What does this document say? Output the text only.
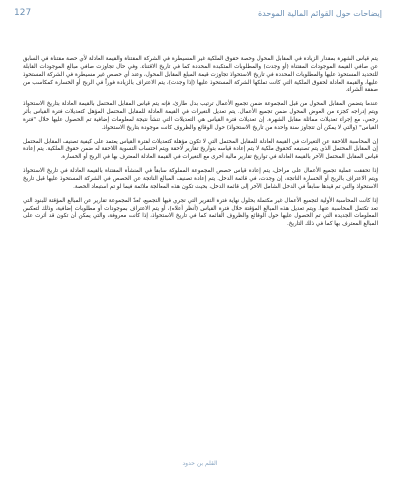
127	إيضاحات حول القوائم المالية الموحدة

يتم قياس الشهرة بمقدار الزيادة في المقابل المحول وحصة حقوق الملكية غير المسيطرة في الشركة المقتناة والقيمة العادلة لأي حصة مقتناة في السابق عن صافي القيمة الموجودات المقتناة (أو وجدت) والمطلوبات المتكبدة المحددة كما في تاريخ الاقتناء. وفي حال تجاوزت صافي مبالغ الموجودات القابلة للتحديد المستحوذ عليها والمطلوبات المحددة في تاريخ الاستحواذ تجاوزت قيمة المبلغ المقابل المحول، وعند أي حصص غير مسيطرة في الشركة المستحوذ عليها، والقيمة العادلة لحقوق الملكية التي كانت تملكها الشركة المستحوذ عليها (إذا وجدت)، يتم الاعتراف بالزيادة فوراً في الربح أو الخسارة كمكاسب من صفقة الشراء.

عندما يتضمن المقابل المحول من قبل المجموعة ضمن تجميع الأعمال ترتيب بدل طارئ، فإنه يتم قياس المقابل المحتمل بالقيمة العادلة بتاريخ الاستحواذ ويتم إدراجه كجزء من العوض المحول ضمن تجميع الأعمال. يتم تعديل التغيرات في القيمة العادلة للمقابل المحتمل المؤهل كتعديلات فترة القياس بأثر رجعي، مع إجراء تعديلات مماثلة مقابل الشهرة. إن تعديلات فترة القياس هي التعديلات التي تنشأ نتيجة لمعلومات إضافية تم الحصول عليها خلال "فترة القياس" (والتي لا يمكن أن تتجاوز سنة واحدة من تاريخ الاستحواذ) حول الوقائع والظروف كانت موجودة بتاريخ الاستحواذ.

إن المحاسبة اللاحقة عن التغيرات في القيمة العادلة للمقابل المحتمل التي لا تكون مؤهلة كتعديلات لفترة القياس يعتمد على كيفية تصنيف المقابل المحتمل إن المقابل المحتمل الذي يتم تصنيفه كحقوق ملكية لا يتم إعادة قياسه بتواريخ تقارير لاحقة ويتم احتساب التسوية اللاحقة له ضمن حقوق الملكية. يتم إعادة قياس المقابل المحتمل الآخر بالقيمة العادلة في تواريخ تقارير مالية أخرى مع التغيرات في القيمة العادلة المعترف بها في الربح أو الخسارة.

إذا تحققت عملية تجميع الأعمال على مراحل، يتم إعادة قياس حصص المجموعة المملوكة سابقاً في المنشأة المقتناة بالقيمة العادلة في تاريخ الاستحواذ ويتم الاعتراف بالربح أو الخسارة الناتجة، إن وجدت، في قائمة الدخل. يتم إعادة تصنيف المبالغ الناتجة عن الحصص في الشركة المستحوذ عليها قبل تاريخ الاستحواذ والتي تم قيدها سابقاً في الدخل الشامل الآخر إلى قائمة الدخل، بحيث تكون هذه المعالجة ملائمة فيما لو تم استبعاد الحصة.

إذا كانت المحاسبة الأولية لتجميع الأعمال غير مكتملة بحلول نهاية فترة التقرير التي تجري فيها التجميع، تُعدّ المجموعة تقارير عن المبالغ المؤقتة للبنود التي تعد تكتمل المحاسبة عنها. ويتم تعديل هذه المبالغ المؤقتة خلال فترة القياس (أنظر أعلاه)، أو يتم الاعتراف بموجودات أو مطلوبات إضافية، وذلك لتعكس المعلومات الجديدة التي تم الحصول عليها حول الوقائع والظروف القائمة كما في تاريخ الاستحواذ، إذا كانت معروفة، والتي يمكن أن تكون قد أثرت على المبالغ المعترف بها كما في ذلك التاريخ.

القلم بن حدود
